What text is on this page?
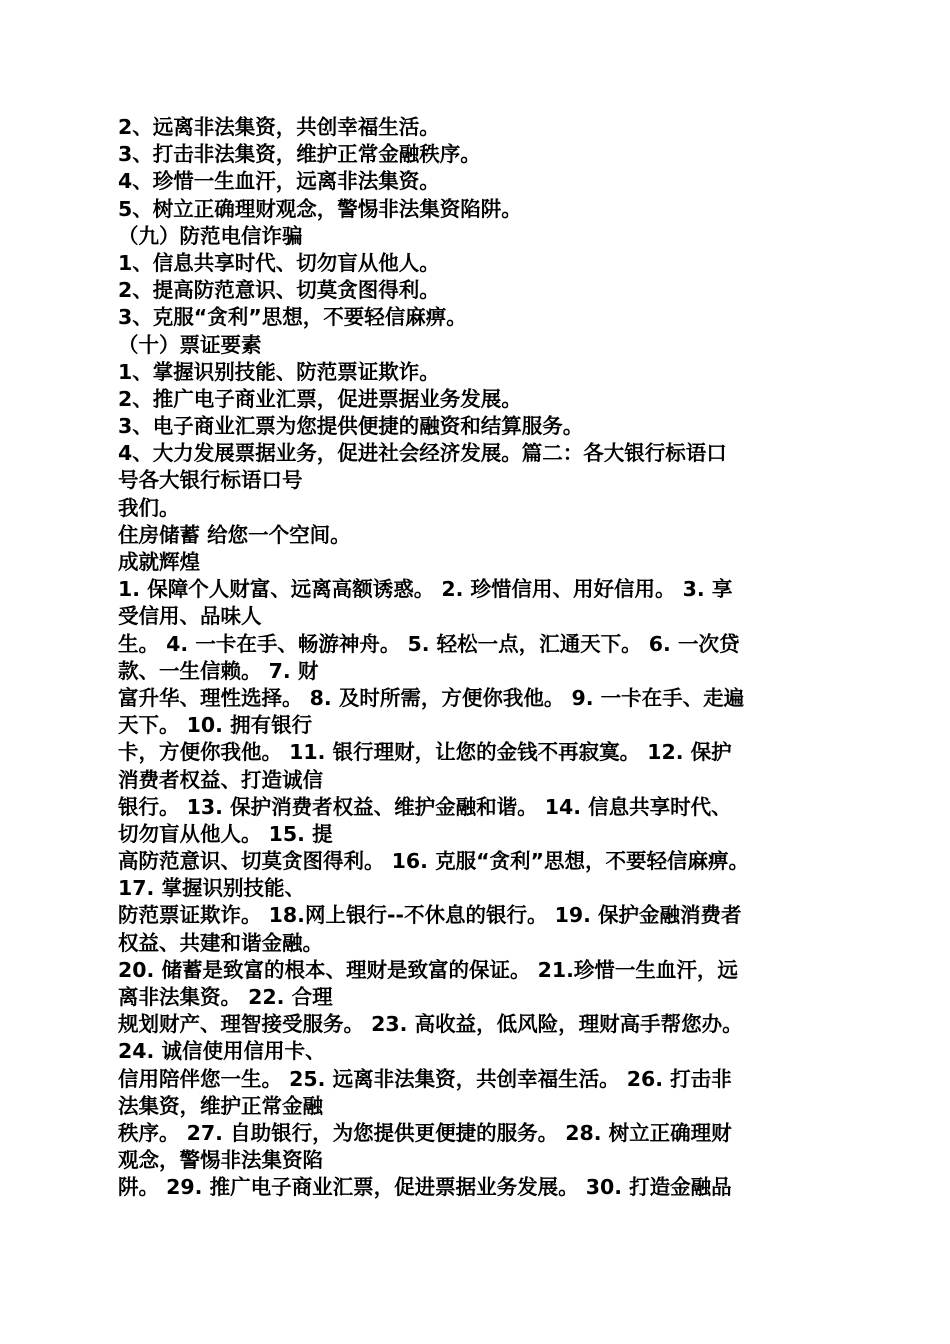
2、远离非法集资，共创幸福生活。
3、打击非法集资，维护正常金融秩序。
4、珍惜一生血汗，远离非法集资。
5、树立正确理财观念，警惕非法集资陷阱。
（九）防范电信诈骗
1、信息共享时代、切勿盲从他人。
2、提高防范意识、切莫贪图得利。
3、克服“贪利”思想，不要轻信麻痹。
（十）票证要素
1、掌握识别技能、防范票证欺诈。
2、推广电子商业汇票，促进票据业务发展。
3、电子商业汇票为您提供便捷的融资和结算服务。
4、大力发展票据业务，促进社会经济发展。篇二：各大银行标语口
号各大银行标语口号
我们。
住房储蓄 给您一个空间。
成就辉煌
1. 保障个人财富、远离高额诱惑。 2. 珍惜信用、用好信用。 3. 享
受信用、品味人
生。 4. 一卡在手、畅游神舟。 5. 轻松一点，汇通天下。 6. 一次贷
款、一生信赖。 7. 财
富升华、理性选择。 8. 及时所需，方便你我他。 9. 一卡在手、走遍
天下。 10. 拥有银行
卡，方便你我他。 11. 银行理财，让您的金钱不再寂寞。 12. 保护
消费者权益、打造诚信
银行。 13. 保护消费者权益、维护金融和谐。 14. 信息共享时代、
切勿盲从他人。 15. 提
高防范意识、切莫贪图得利。 16. 克服“贪利”思想，不要轻信麻痹。
17. 掌握识别技能、
防范票证欺诈。 18.网上银行--不休息的银行。 19. 保护金融消费者
权益、共建和谐金融。
20. 储蓄是致富的根本、理财是致富的保证。 21.珍惜一生血汗，远
离非法集资。 22. 合理
规划财产、理智接受服务。 23. 高收益，低风险，理财高手帮您办。
24. 诚信使用信用卡、
信用陪伴您一生。 25. 远离非法集资，共创幸福生活。 26. 打击非
法集资，维护正常金融
秩序。 27. 自助银行，为您提供更便捷的服务。 28. 树立正确理财
观念，警惕非法集资陷
阱。 29. 推广电子商业汇票，促进票据业务发展。 30. 打造金融品
